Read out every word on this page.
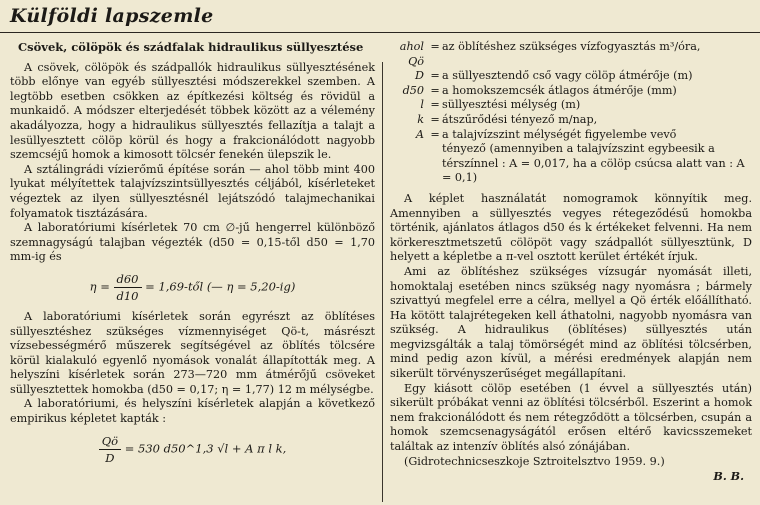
Külföldi lapszemle
Csövek, cölöpök és szádfalak hidraulikus süllyesztése

A csövek, cölöpök és szádpallók hidraulikus süllyesztésének több előnye van egyéb süllyesztési módszerekkel szemben. A legtöbb esetben csökken az építkezési költség és rövidül a munkaidő. A módszer elterjedését többek között az a vélemény akadályozza, hogy a hidraulikus süllyesztés fellazítja a talajt a lesüllyesztett cölöp körül és hogy a frakcionálódott nagyobb szemcséjű homok a kimosott tölcsér fenekén ülepszik le.

A sztálingrádi vízierőmű építése során — ahol több mint 400 lyukat mélyítettek talajvízszintsüllyesztés céljából, kísérleteket végeztek az ilyen süllyesztésnél lejátszódó talajmechanikai folyamatok tisztázására.

A laboratóriumi kísérletek 70 cm ∅-jű hengerrel különböző szemnagyságú talajban végezték (d50 = 0,15-től d50 = 1,70 mm-ig és

$\eta = \frac{d60}{d10}$ = 1,69-től (— η = 5,20-ig)

A laboratóriumi kísérletek során egyrészt az öblítéses süllyesztéshez szükséges vízmennyiséget Qö-t, másrészt vízsebességmérő műszerek segítségével az öblítés tölcsére körül kialakuló egyenlő nyomások vonalát állapították meg. A helyszíni kísérletek során 273—720 mm átmérőjű csöveket süllyesztettek homokba (d50 = 0,17; η = 1,77) 12 m mélységbe.

A laboratóriumi, és helyszíni kísérletek alapján a következő empirikus képletet kapták :

$\frac{Qö}{D} = 530$ d50^1,3 √l + A π l k,
ahol Qö
= az öblítéshez szükséges vízfogyasztás m³/óra,
D = a süllyesztendő cső vagy cölöp átmérője (m)
d50 = a homokszemcsék átlagos átmérője (mm)
l = süllyesztési mélység (m)
k = átszűrődési tényező m/nap,
A = a talajvízszint mélységét figyelembe vevő
tényező (amennyiben a talajvízszint egybeesik a térszínnel : A = 0,017, ha a cölöp csúcsa alatt van : A = 0,1)

A képlet használatát nomogramok könnyítik meg. Amennyiben a süllyesztés vegyes rétegeződésű homokba történik, ajánlatos átlagos d50 és k értékeket felvenni. Ha nem körkeresztmetszetű cölöpöt vagy szádpallót süllyesztünk, D helyett a képletbe a π-vel osztott kerület értékét írjuk.

Ami az öblítéshez szükséges vízsugár nyomását illeti, homoktalaj esetében nincs szükség nagy nyomásra ; bármely szivattyú megfelel erre a célra, mellyel a Qö érték előállítható. Ha kötött talajrétegeken kell áthatolni, nagyobb nyomásra van szükség. A hidraulikus (öblítéses) süllyesztés után megvizsgálták a talaj tömörségét mind az öblítési tölcsérben, mind pedig azon kívül, a mérési eredmények alapján nem sikerült törvényszerűséget megállapítani.

Egy kiásott cölöp esetében (1 évvel a süllyesztés után) sikerült próbákat venni az öblítési tölcsérből. Eszerint a homok nem frakcionálódott és nem rétegződött a tölcsérben, csupán a homok szemcsenagyságától erősen eltérő kavicsszemeket találtak az intenzív öblítés alsó zónájában.

(Gidrotechnicseszkoje Sztroitelsztvo 1959. 9.)

B. B.
